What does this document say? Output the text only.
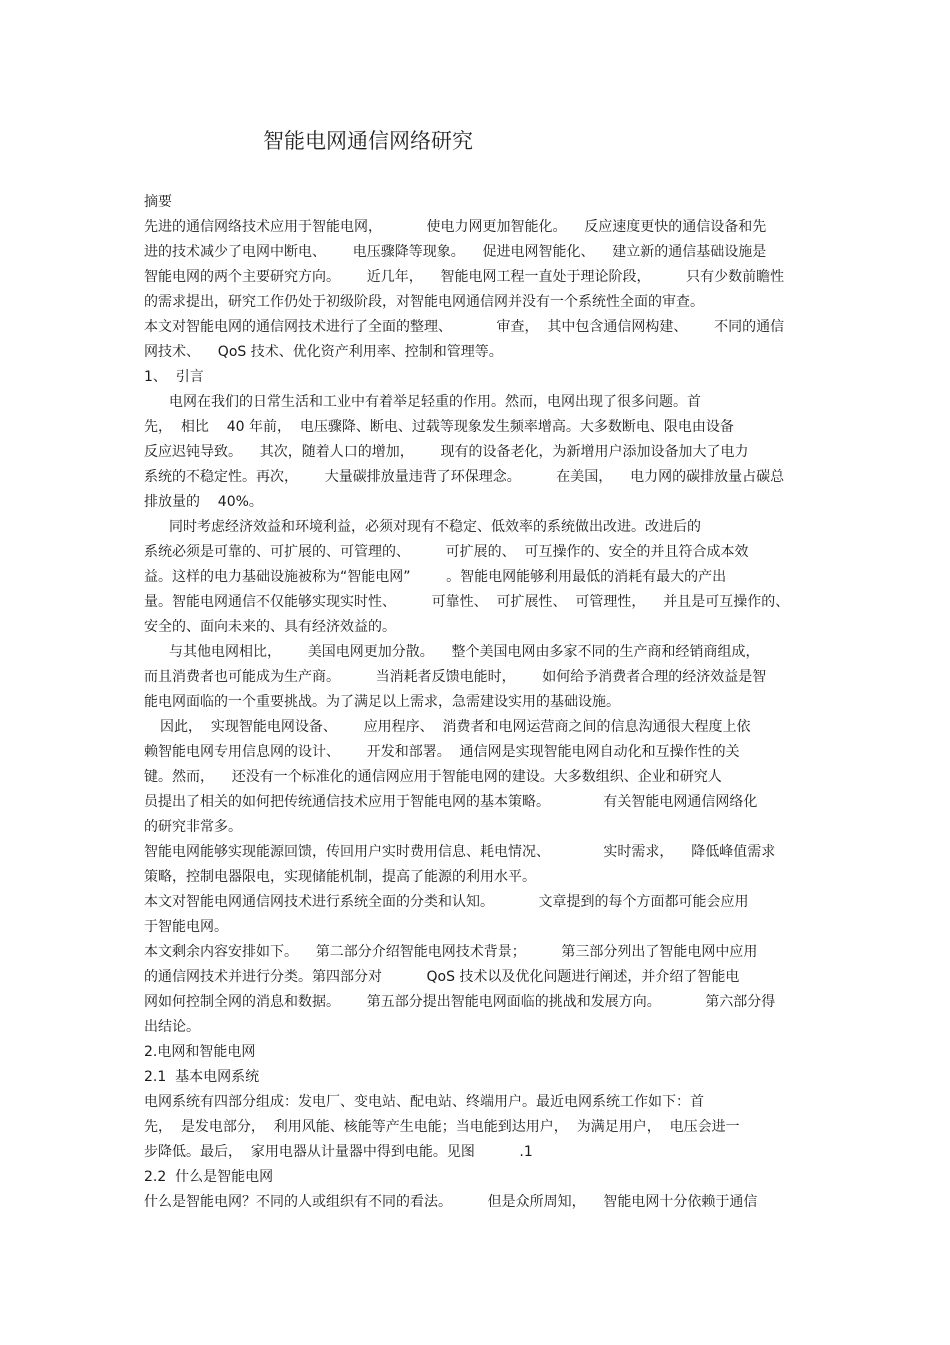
智能电网通信网络研究
摘要
先进的通信网络技术应用于智能电网，          使电力网更加智能化。    反应速度更快的通信设备和先
进的技术减少了电网中断电、      电压骤降等现象。    促进电网智能化、    建立新的通信基础设施是
智能电网的两个主要研究方向。      近几年，    智能电网工程一直处于理论阶段，        只有少数前瞻性
的需求提出，研究工作仍处于初级阶段，对智能电网通信网并没有一个系统性全面的审查。
本文对智能电网的通信网技术进行了全面的整理、          审查，  其中包含通信网构建、      不同的通信
网技术、    QoS 技术、优化资产利用率、控制和管理等。
1、  引言
电网在我们的日常生活和工业中有着举足轻重的作用。然而，电网出现了很多问题。首
先，  相比    40 年前，  电压骤降、断电、过载等现象发生频率增高。大多数断电、限电由设备
反应迟钝导致。    其次，随着人口的增加，      现有的设备老化，为新增用户添加设备加大了电力
系统的不稳定性。再次，      大量碳排放量违背了环保理念。        在美国，    电力网的碳排放量占碳总
排放量的    40%。
同时考虑经济效益和环境利益，必须对现有不稳定、低效率的系统做出改进。改进后的
系统必须是可靠的、可扩展的、可管理的、        可扩展的、  可互操作的、安全的并且符合成本效
益。这样的电力基础设施被称为“智能电网”        。智能电网能够利用最低的消耗有最大的产出
量。智能电网通信不仅能够实现实时性、        可靠性、  可扩展性、  可管理性，    并且是可互操作的、
安全的、面向未来的、具有经济效益的。
与其他电网相比，      美国电网更加分散。    整个美国电网由多家不同的生产商和经销商组成，
而且消费者也可能成为生产商。        当消耗者反馈电能时，      如何给予消费者合理的经济效益是智
能电网面临的一个重要挑战。为了满足以上需求，急需建设实用的基础设施。
因此，  实现智能电网设备、      应用程序、  消费者和电网运营商之间的信息沟通很大程度上依
赖智能电网专用信息网的设计、      开发和部署。  通信网是实现智能电网自动化和互操作性的关
键。然而，    还没有一个标准化的通信网应用于智能电网的建设。大多数组织、企业和研究人
员提出了相关的如何把传统通信技术应用于智能电网的基本策略。            有关智能电网通信网络化
的研究非常多。
智能电网能够实现能源回馈，传回用户实时费用信息、耗电情况、            实时需求，    降低峰值需求
策略，控制电器限电，实现储能机制，提高了能源的利用水平。
本文对智能电网通信网技术进行系统全面的分类和认知。          文章提到的每个方面都可能会应用
于智能电网。
本文剩余内容安排如下。    第二部分介绍智能电网技术背景；        第三部分列出了智能电网中应用
的通信网技术并进行分类。第四部分对          QoS 技术以及优化问题进行阐述，并介绍了智能电
网如何控制全网的消息和数据。      第五部分提出智能电网面临的挑战和发展方向。          第六部分得
出结论。
2.电网和智能电网
2.1  基本电网系统
电网系统有四部分组成：发电厂、变电站、配电站、终端用户。最近电网系统工作如下：首
先，  是发电部分，  利用风能、核能等产生电能；当电能到达用户，  为满足用户，  电压会进一
步降低。最后，  家用电器从计量器中得到电能。见图          .1
2.2  什么是智能电网
什么是智能电网？不同的人或组织有不同的看法。        但是众所周知，    智能电网十分依赖于通信
